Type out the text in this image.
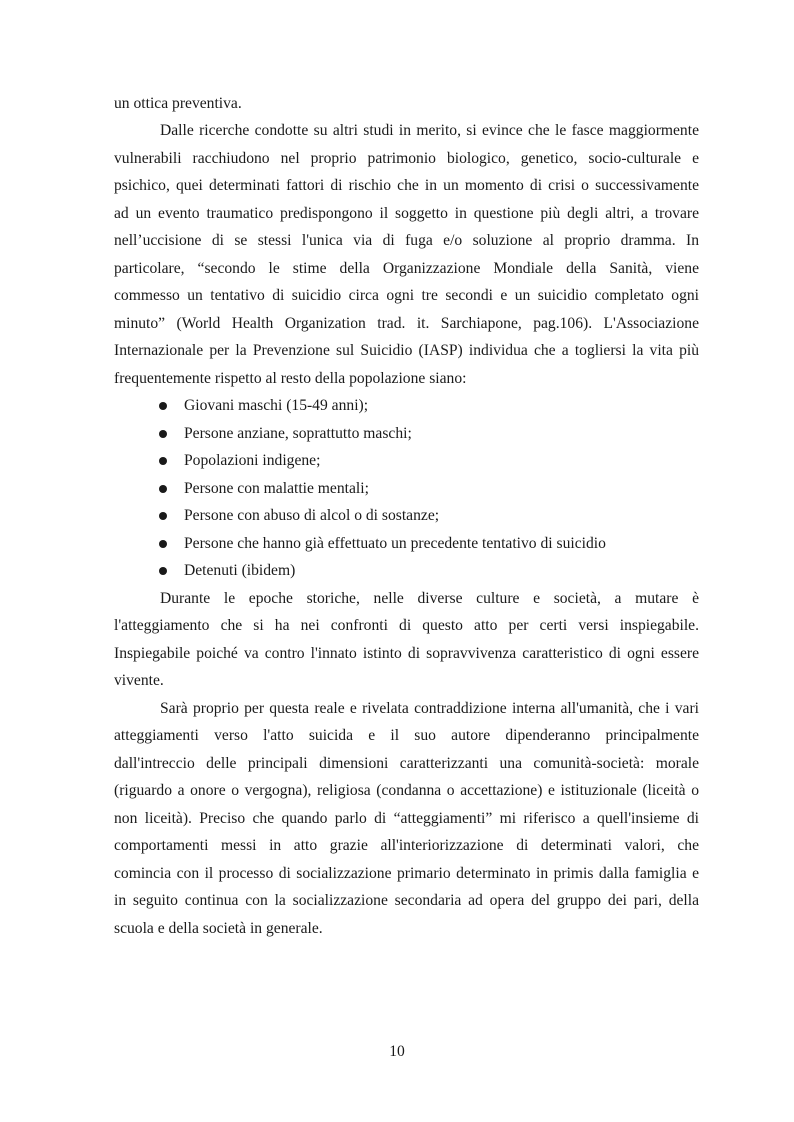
un ottica preventiva.
Dalle ricerche condotte su altri studi in merito, si evince che le fasce maggiormente
vulnerabili racchiudono nel proprio patrimonio biologico, genetico, socio-culturale e
psichico, quei determinati fattori di rischio che in un momento di crisi o successivamente
ad un evento traumatico predispongono il soggetto in questione più degli altri, a trovare
nell’uccisione di se stessi l'unica via di fuga e/o soluzione al proprio dramma. In
particolare, “secondo le stime della Organizzazione Mondiale della Sanità, viene
commesso un tentativo di suicidio circa ogni tre secondi e un suicidio completato ogni
minuto” (World Health Organization trad. it. Sarchiapone, pag.106). L'Associazione
Internazionale per la Prevenzione sul Suicidio (IASP) individua che a togliersi la vita più
frequentemente rispetto al resto della popolazione siano:
Giovani maschi (15-49 anni);
Persone anziane, soprattutto maschi;
Popolazioni indigene;
Persone con malattie mentali;
Persone con abuso di alcol o di sostanze;
Persone che hanno già effettuato un precedente tentativo di suicidio
Detenuti (ibidem)
Durante le epoche storiche, nelle diverse culture e società, a mutare è
l'atteggiamento che si ha nei confronti di questo atto per certi versi inspiegabile.
Inspiegabile poiché va contro l'innato istinto di sopravvivenza caratteristico di ogni essere
vivente.
Sarà proprio per questa reale e rivelata contraddizione interna all'umanità, che i vari
atteggiamenti verso l'atto suicida e il suo autore dipenderanno principalmente
dall'intreccio delle principali dimensioni caratterizzanti una comunità-società: morale
(riguardo a onore o vergogna), religiosa (condanna o accettazione) e istituzionale (liceità o
non liceità). Preciso che quando parlo di “atteggiamenti” mi riferisco a quell'insieme di
comportamenti messi in atto grazie all'interiorizzazione di determinati valori, che
comincia con il processo di socializzazione primario determinato in primis dalla famiglia e
in seguito continua con la socializzazione secondaria ad opera del gruppo dei pari, della
scuola e della società in generale.
10
